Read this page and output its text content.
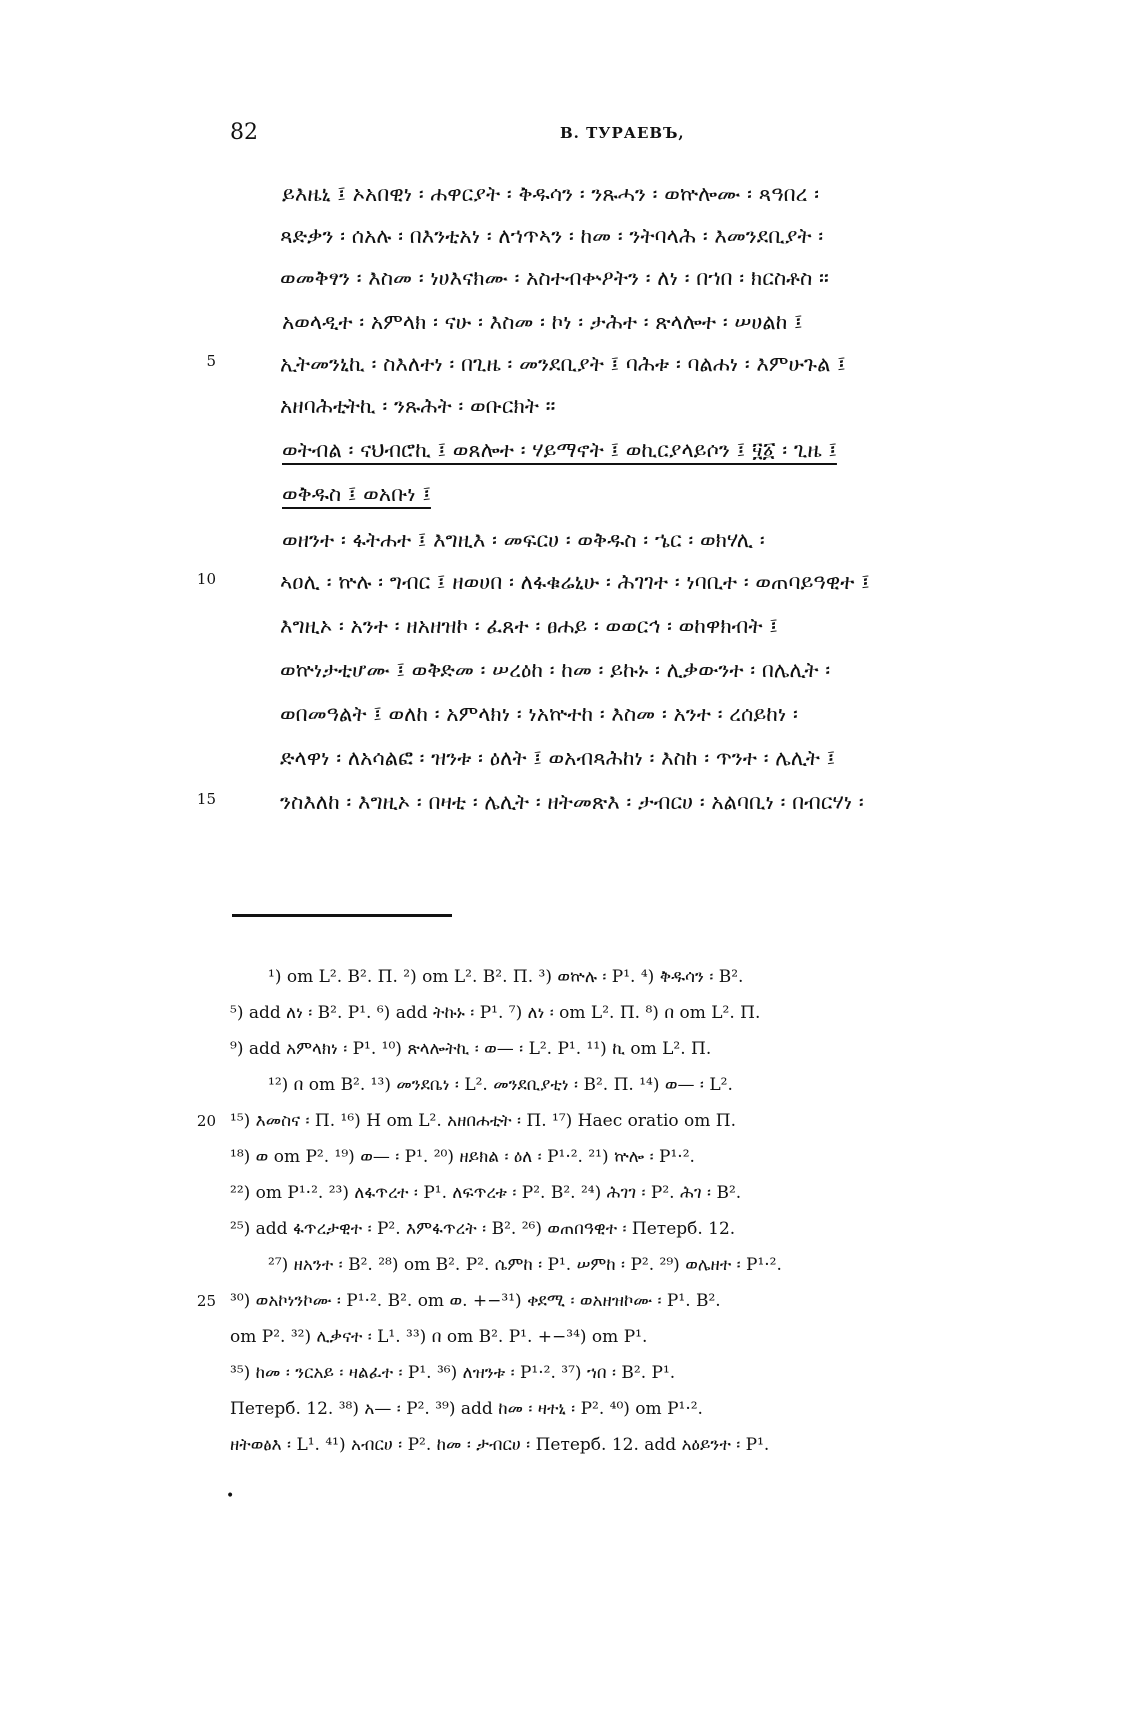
82	В. ТУРАЕВЪ,
ይእዜኒ ፤ ኦአበዊነ ፡ ሐዋርያት ፡ ቅዱሳን ፡ ንጹሓን ፡ ወኵሎሙ ፡ ጻዓበረ ፡
ጻድቃን ፡ ሰአሉ ፡ በእንቲአነ ፡ ለኀጥኣን ፡ ከመ ፡ ንትባላሕ ፡ እመንደቢያት ፡
ወመቅፃን ፡ እስመ ፡ ነሀእናክሙ ፡ አስተብቍዖትን ፡ ለነ ፡ በኀበ ፡ ክርስቶስ ።
አወላዲተ ፡ አምላክ ፡ ናሁ ፡ እስመ ፡ ኮነ ፡ ታሕተ ፡ ጽላሎተ ፡ ሠሀልከ ፤
5	ኢትመንኒኪ ፡ ስእለተነ ፡ በጊዜ ፡ መንደቢያት ፤ ባሕቱ ፡ ባልሐነ ፡ እምሁጉል ፤
አዘባሕቲትኪ ፡ ንጹሕት ፡ ወቡርክት ።
ወትብል ፡ ናህብሮኪ ፤ ወጸሎተ ፡ ሃይማኖት ፤ ወኪርያላይሶን ፤ ፶፩ ፡ ጊዜ ፤
ወቅዱስ ፤ ወአቡነ ፤
ወዘንተ ፡ ፋትሐተ ፤ እግዚእ ፡ መፍርሀ ፡ ወቅዱስ ፡ ኄር ፡ ወክሃሊ ፡
10	ኣዐሊ ፡ ኵሉ ፡ ግብር ፤ ዘወሀበ ፡ ለፋቁሬኒሁ ፡ ሕገገተ ፡ ነባቢተ ፡ ወጠባይዓዊተ ፤
እግዚኦ ፡ አንተ ፡ ዘአዘዝኮ ፡ ፈጸተ ፡ ፀሐይ ፡ ወወርኅ ፡ ወከዋክብት ፤
ወኵነታቲሆሙ ፤ ወቅድመ ፡ ሠረዕከ ፡ ከመ ፡ ይኩኑ ፡ ሊቃውንተ ፡ በሌሊት ፡
ወበመዓልት ፤ ወለከ ፡ አምላክነ ፡ ነአኵተከ ፡ እስመ ፡ አንተ ፡ ረሰይከነ ፡
ድላዋነ ፡ ለአሳልፎ ፡ ዝንቱ ፡ ዕለት ፤ ወአብጻሕከነ ፡ እስከ ፡ ጥንተ ፡ ሌሊት ፤
15	ንስእለከ ፡ እግዚኦ ፡ በዛቲ ፡ ሌሊት ፡ ዘትመጽእ ፡ ታብርሀ ፡ አልባቢነ ፡ በብርሃነ ፡
¹) om L². B². П. ²) om L². B². П. ³) ወኵሉ ፡ P¹. ⁴) ቅዱሳን ፡ B².
⁵) add ለነ ፡ B². P¹. ⁶) add ትኩኑ ፡ P¹. ⁷) ለነ ፡ om L². П. ⁸) በ om L². П.
⁹) add አምላክነ ፡ P¹. ¹⁰) ጽላሎትኪ ፡ ወ— ፡ L². P¹. ¹¹) ኪ om L². П.
¹²) በ om B². ¹³) መንደቤነ ፡ L². መንደቢያቲነ ፡ B². П. ¹⁴) ወ— ፡ L².
20 ¹⁵) እመስና ፡ П. ¹⁶) H om L². አዘበሐቲት ፡ П. ¹⁷) Haec oratio om П.
¹⁸) ወ om P². ¹⁹) ወ— ፡ P¹. ²⁰) ዘይክል ፡ ዕለ ፡ P¹·². ²¹) ኵሎ ፡ P¹·².
²²) om P¹·². ²³) ለፋጥረተ ፡ P¹. ለፍጥረቱ ፡ P². B². ²⁴) ሕገገ ፡ P². ሕገ ፡ B².
²⁵) add ፋጥረታዊተ ፡ P². እምፋጥረት ፡ B². ²⁶) ወጠበዓዊተ ፡ Петерб. 12.
²⁷) ዘአንተ ፡ B². ²⁸) om B². P². ሴምከ ፡ P¹. ሠምከ ፡ P². ²⁹) ወሌዘተ ፡ P¹·².
25 ³⁰) ወአኮነንኮሙ ፡ P¹·². B². om ወ. +−³¹) ቀደሚ ፡ ወአዘዝኮሙ ፡ P¹. B².
om P². ³²) ሊቃናተ ፡ L¹. ³³) በ om B². P¹. +−³⁴) om P¹.
³⁵) ከመ ፡ ንርአይ ፡ ዛልፈተ ፡ P¹. ³⁶) ለዝንቱ ፡ P¹·². ³⁷) ኀበ ፡ B². P¹.
Петерб. 12. ³⁸) አ— ፡ P². ³⁹) add ከመ ፡ ዛተኒ ፡ P². ⁴⁰) om P¹·².
ዘትወፅእ ፡ L¹. ⁴¹) አብርሀ ፡ P². ከመ ፡ ታብርሀ ፡ Петерб. 12. add አዕይንተ ፡ P¹.
•
